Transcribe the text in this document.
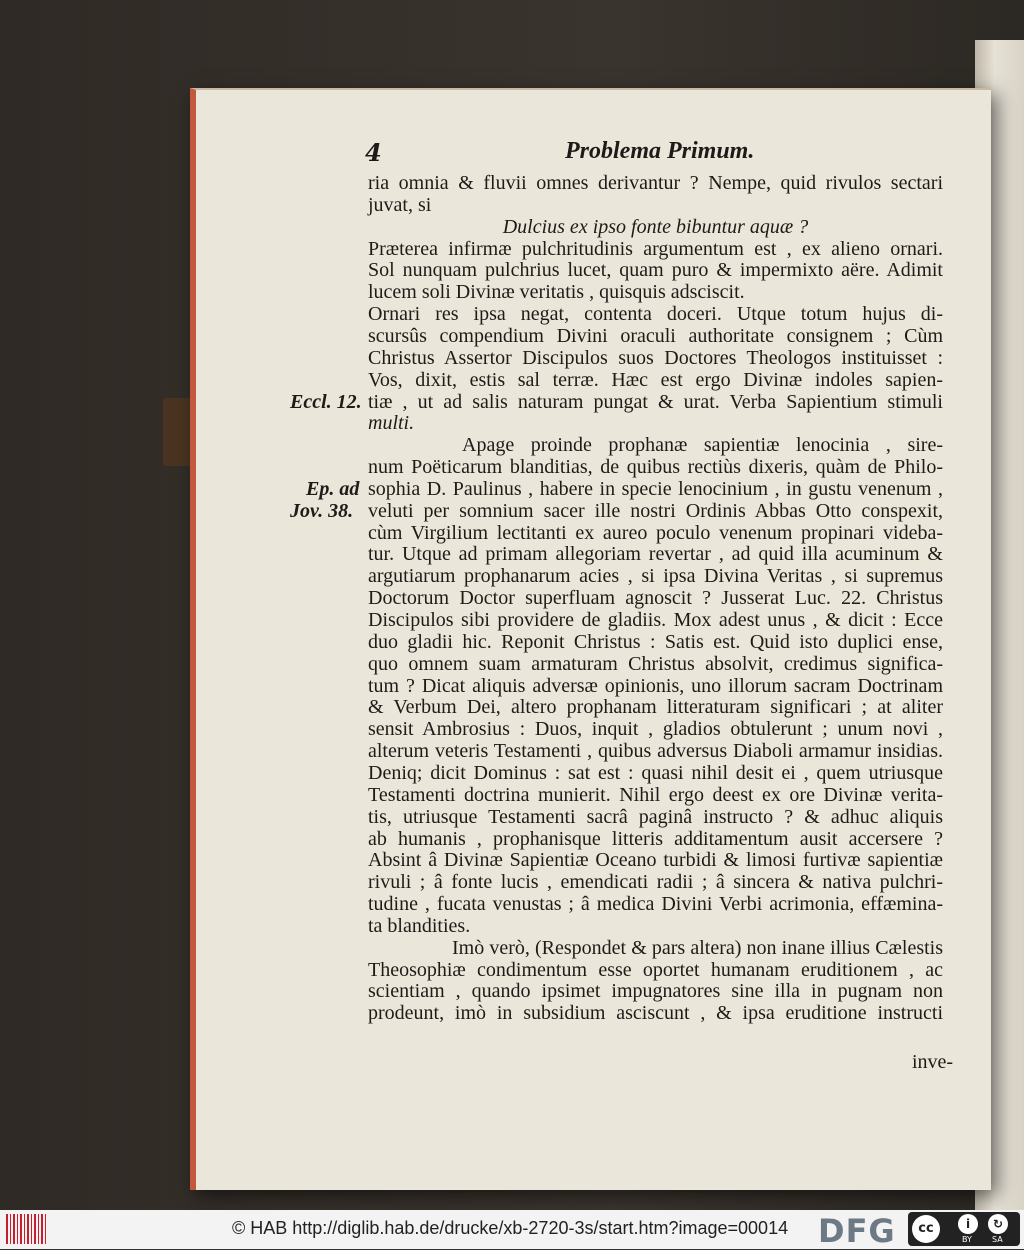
4	Problema Primum.
ria omnia & fluvii omnes derivantur ? Nempe, quid rivulos sectari
juvat, si
Dulcius ex ipso fonte bibuntur aquæ ?
Præterea infirmæ pulchritudinis argumentum est , ex alieno ornari.
Sol nunquam pulchrius lucet, quam puro & impermixto aëre. Adimit
lucem soli Divinæ veritatis , quisquis adsciscit.
Ornari res ipsa negat, contenta doceri. Utque totum hujus di-
scursûs compendium Divini oraculi authoritate consignem ; Cùm
Christus Assertor Discipulos suos Doctores Theologos instituisset :
Vos, dixit, estis sal terræ. Hæc est ergo Divinæ indoles sapien-
tiæ , ut ad salis naturam pungat & urat. Verba Sapientium stimuli
multi.
Apage proinde prophanæ sapientiæ lenocinia , sire-
num Poëticarum blanditias, de quibus rectiùs dixeris, quàm de Philo-
sophia D. Paulinus , habere in specie lenocinium , in gustu venenum ,
veluti per somnium sacer ille nostri Ordinis Abbas Otto conspexit,
cùm Virgilium lectitanti ex aureo poculo venenum propinari videba-
tur. Utque ad primam allegoriam revertar , ad quid illa acuminum &
argutiarum prophanarum acies , si ipsa Divina Veritas , si supremus
Doctorum Doctor superfluam agnoscit ? Jusserat Luc. 22. Christus
Discipulos sibi providere de gladiis. Mox adest unus , & dicit : Ecce
duo gladii hic. Reponit Christus : Satis est. Quid isto duplici ense,
quo omnem suam armaturam Christus absolvit, credimus significa-
tum ? Dicat aliquis adversæ opinionis, uno illorum sacram Doctrinam
& Verbum Dei, altero prophanam litteraturam significari ; at aliter
sensit Ambrosius : Duos, inquit , gladios obtulerunt ; unum novi ,
alterum veteris Testamenti , quibus adversus Diaboli armamur insidias.
Deniq; dicit Dominus : sat est : quasi nihil desit ei , quem utriusque
Testamenti doctrina munierit. Nihil ergo deest ex ore Divinæ verita-
tis, utriusque Testamenti sacrâ paginâ instructo ? & adhuc aliquis
ab humanis , prophanisque litteris additamentum ausit accersere ?
Absint â Divinæ Sapientiæ Oceano turbidi & limosi furtivæ sapientiæ
rivuli ; â fonte lucis , emendicati radii ; â sincera & nativa pulchri-
tudine , fucata venustas ; â medica Divini Verbi acrimonia, effæmina-
ta blandities.
Imò verò, (Respondet & pars altera) non inane illius Cælestis
Theosophiæ condimentum esse oportet humanam eruditionem , ac
scientiam , quando ipsimet impugnatores sine illa in pugnam non
prodeunt, imò in subsidium asciscunt , & ipsa eruditione instructi
Eccl. 12.
Ep. ad
Jov. 38.
inve-
© HAB http://diglib.hab.de/drucke/xb-2720-3s/start.htm?image=00014 DFG	cc	i	↻
BY	SA
